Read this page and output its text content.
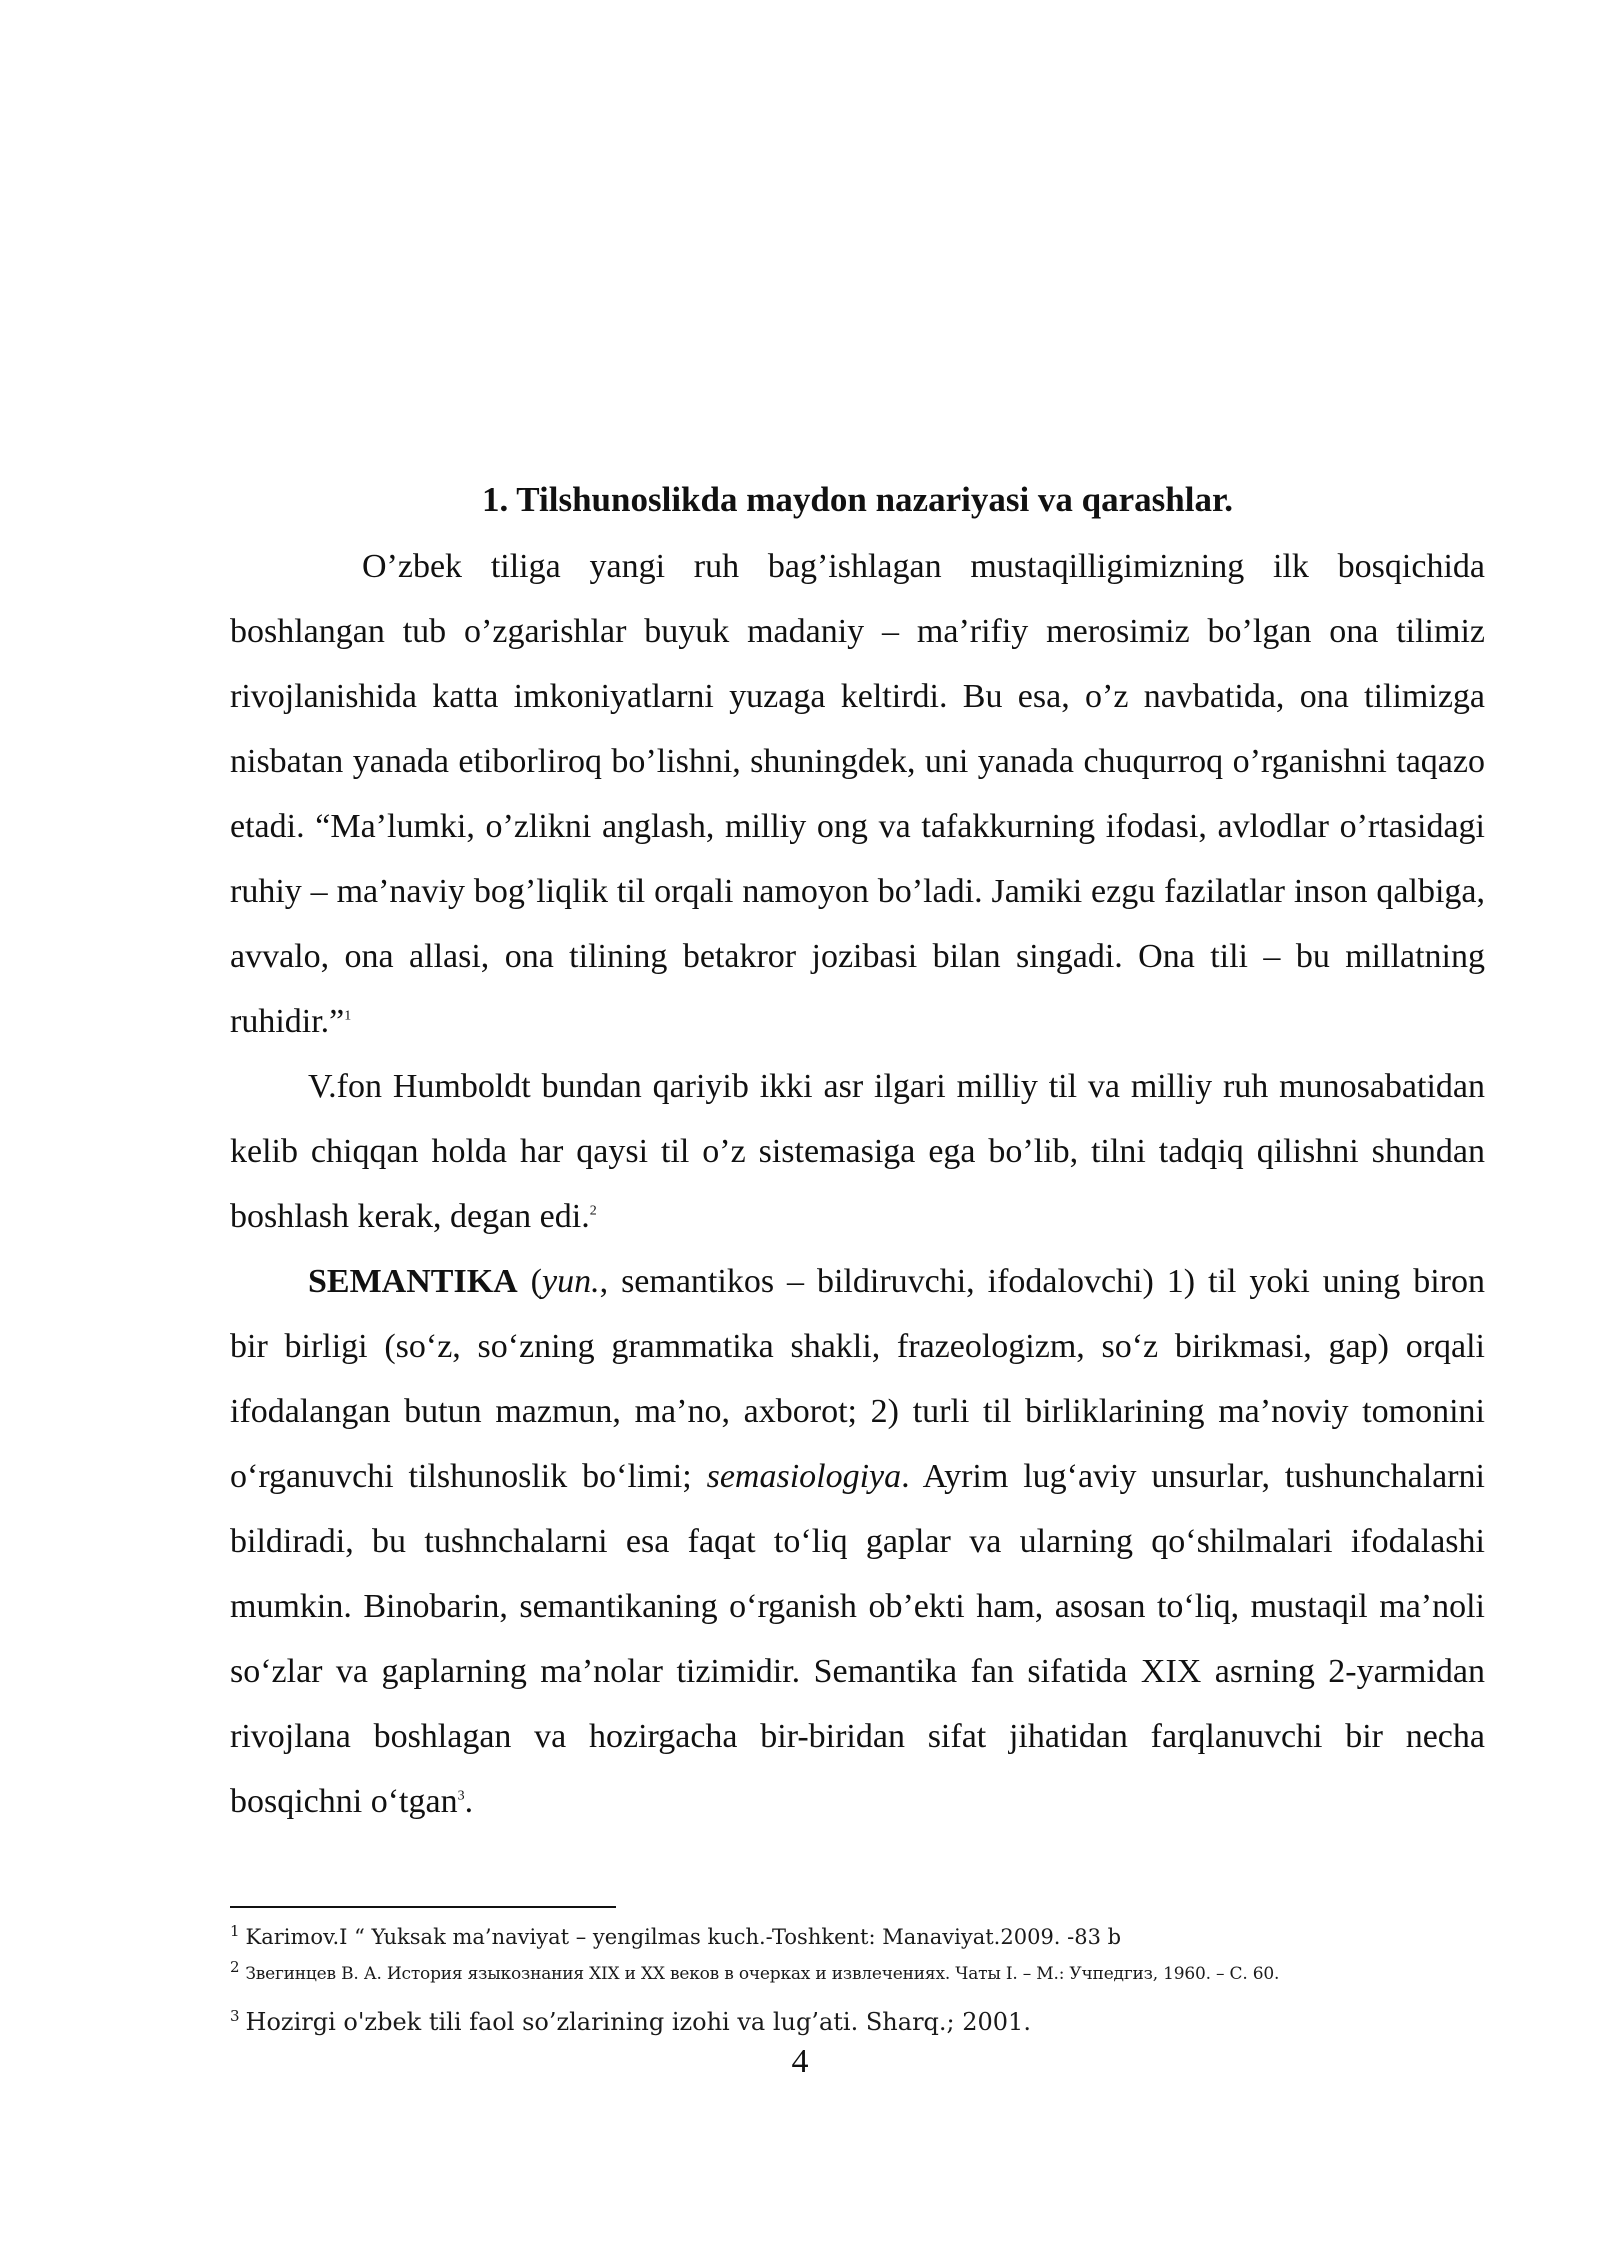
1. Tilshunoslikda maydon nazariyasi va qarashlar.

O’zbek tiliga yangi ruh bag’ishlagan mustaqilligimizning ilk bosqichida boshlangan tub o’zgarishlar buyuk madaniy – ma’rifiy merosimiz bo’lgan ona tilimiz rivojlanishida katta imkoniyatlarni yuzaga keltirdi. Bu esa, o’z navbatida, ona tilimizga nisbatan yanada etiborliroq bo’lishni, shuningdek, uni yanada chuqurroq o’rganishni taqazo etadi. “Ma’lumki, o’zlikni anglash, milliy ong va tafakkurning ifodasi, avlodlar o’rtasidagi ruhiy – ma’naviy bog’liqlik til orqali namoyon bo’ladi. Jamiki ezgu fazilatlar inson qalbiga, avvalo, ona allasi, ona tilining betakror jozibasi bilan singadi. Ona tili – bu millatning ruhidir.”$^1$

V.fon Humboldt bundan qariyib ikki asr ilgari milliy til va milliy ruh munosabatidan kelib chiqqan holda har qaysi til o’z sistemasiga ega bo’lib, tilni tadqiq qilishni shundan boshlash kerak, degan edi.$^2$

SEMANTIKA (yun., semantikos – bildiruvchi, ifodalovchi) 1) til yoki uning biron bir birligi (so‘z, so‘zning grammatika shakli, frazeologizm, so‘z birikmasi, gap) orqali ifodalangan butun mazmun, ma’no, axborot; 2) turli til birliklarining ma’noviy tomonini o‘rganuvchi tilshunoslik bo‘limi; semasiologiya. Ayrim lug‘aviy unsurlar, tushunchalarni bildiradi, bu tushnchalarni esa faqat to‘liq gaplar va ularning qo‘shilmalari ifodalashi mumkin. Binobarin, semantikaning o‘rganish ob’ekti ham, asosan to‘liq, mustaqil ma’noli so‘zlar va gaplarning ma’nolar tizimidir. Semantika fan sifatida XIX asrning 2-yarmidan rivojlana boshlagan va hozirgacha bir-biridan sifat jihatidan farqlanuvchi bir necha bosqichni o‘tgan$^3$.

$^1$ Karimov.I “ Yuksak ma’naviyat – yengilmas kuch.-Toshkent: Manaviyat.2009. -83 b

2 Звегинцев В. А. История языкознания XIX и XX веков в очерках и извлечениях. Чаты I. – М.: Учпедгиз, 1960. – С. 60.

$^3$ Hozirgi o'zbek tili faol so’zlarining izohi va lug’ati. Sharq.; 2001.

4
